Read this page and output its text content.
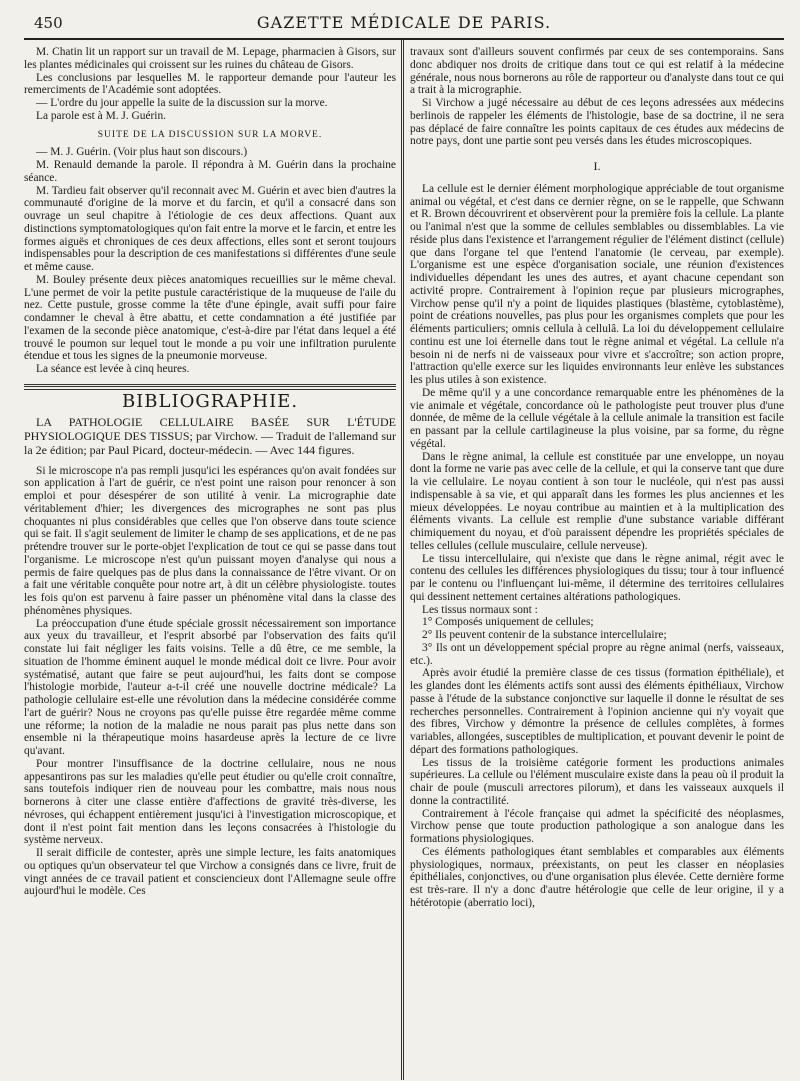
450	GAZETTE MÉDICALE DE PARIS.

M. Chatin lit un rapport sur un travail de M. Lepage, pharmacien à Gisors, sur les plantes médicinales qui croissent sur les ruines du château de Gisors.

Les conclusions par lesquelles M. le rapporteur demande pour l'auteur les remerciments de l'Académie sont adoptées.

— L'ordre du jour appelle la suite de la discussion sur la morve.

La parole est à M. J. Guérin.

SUITE DE LA DISCUSSION SUR LA MORVE.

— M. J. Guérin. (Voir plus haut son discours.)

M. Renauld demande la parole. Il répondra à M. Guérin dans la prochaine séance.

M. Tardieu fait observer qu'il reconnait avec M. Guérin et avec bien d'autres la communauté d'origine de la morve et du farcin, et qu'il a consacré dans son ouvrage un seul chapitre à l'étiologie de ces deux affections. Quant aux distinctions symptomatologiques qu'on fait entre la morve et le farcin, et entre les formes aiguës et chroniques de ces deux affections, elles sont et seront toujours indispensables pour la description de ces manifestations si différentes d'une seule et même cause.

M. Bouley présente deux pièces anatomiques recueillies sur le même cheval. L'une permet de voir la petite pustule caractéristique de la muqueuse de l'aile du nez. Cette pustule, grosse comme la tête d'une épingle, avait suffi pour faire condamner le cheval à être abattu, et cette condamnation a été justifiée par l'examen de la seconde pièce anatomique, c'est-à-dire par l'état dans lequel a été trouvé le poumon sur lequel tout le monde a pu voir une infiltration purulente étendue et tous les signes de la pneumonie morveuse.

La séance est levée à cinq heures.

BIBLIOGRAPHIE.

LA PATHOLOGIE CELLULAIRE BASÉE SUR L'ÉTUDE PHYSIOLOGIQUE DES TISSUS; par Virchow. — Traduit de l'allemand sur la 2e édition; par Paul Picard, docteur-médecin. — Avec 144 figures.

Si le microscope n'a pas rempli jusqu'ici les espérances qu'on avait fondées sur son application à l'art de guérir, ce n'est point une raison pour renoncer à son emploi et pour désespérer de son utilité à venir. La micrographie date véritablement d'hier; les divergences des micrographes ne sont pas plus choquantes ni plus considérables que celles que l'on observe dans toute science qui se fait. Il s'agit seulement de limiter le champ de ses applications, et de ne pas prétendre trouver sur le porte-objet l'explication de tout ce qui se passe dans tout l'organisme. Le microscope n'est qu'un puissant moyen d'analyse qui nous a permis de faire quelques pas de plus dans la connaissance de l'être vivant. Or on a fait une véritable conquête pour notre art, à dit un célèbre physiologiste. toutes les fois qu'on est parvenu à faire passer un phénomène vital dans la classe des phénomènes physiques.

La préoccupation d'une étude spéciale grossit nécessairement son importance aux yeux du travailleur, et l'esprit absorbé par l'observation des faits qu'il constate lui fait négliger les faits voisins. Telle a dû être, ce me semble, la situation de l'homme éminent auquel le monde médical doit ce livre. Pour avoir systématisé, autant que faire se peut aujourd'hui, les faits dont se compose l'histologie morbide, l'auteur a-t-il créé une nouvelle doctrine médicale? La pathologie cellulaire est-elle une révolution dans la médecine considérée comme l'art de guérir? Nous ne croyons pas qu'elle puisse être regardée même comme une réforme; la notion de la maladie ne nous parait pas plus nette dans son ensemble ni la thérapeutique moins hasardeuse après la lecture de ce livre qu'avant.

Pour montrer l'insuffisance de la doctrine cellulaire, nous ne nous appesantirons pas sur les maladies qu'elle peut étudier ou qu'elle croit connaître, sans toutefois indiquer rien de nouveau pour les combattre, mais nous nous bornerons à citer une classe entière d'affections de gravité très-diverse, les névroses, qui échappent entièrement jusqu'ici à l'investigation microscopique, et dont il n'est point fait mention dans les leçons consacrées à l'histologie du système nerveux.

Il serait difficile de contester, après une simple lecture, les faits anatomiques ou optiques qu'un observateur tel que Virchow a consignés dans ce livre, fruit de vingt années de ce travail patient et consciencieux dont l'Allemagne seule offre aujourd'hui le modèle. Ces

travaux sont d'ailleurs souvent confirmés par ceux de ses contemporains. Sans donc abdiquer nos droits de critique dans tout ce qui est relatif à la médecine générale, nous nous bornerons au rôle de rapporteur ou d'analyste dans tout ce qui a trait à la micrographie.

Si Virchow a jugé nécessaire au début de ces leçons adressées aux médecins berlinois de rappeler les éléments de l'histologie, base de sa doctrine, il ne sera pas déplacé de faire connaître les points capitaux de ces études aux médecins de notre pays, dont une partie sont peu versés dans les études microscopiques.

I.

La cellule est le dernier élément morphologique appréciable de tout organisme animal ou végétal, et c'est dans ce dernier règne, on se le rappelle, que Schwann et R. Brown découvrirent et observèrent pour la première fois la cellule. La plante ou l'animal n'est que la somme de cellules semblables ou dissemblables. La vie réside plus dans l'existence et l'arrangement régulier de l'élément distinct (cellule) que dans l'organe tel que l'entend l'anatomie (le cerveau, par exemple). L'organisme est une espèce d'organisation sociale, une réunion d'existences individuelles dépendant les unes des autres, et ayant chacune cependant son activité propre. Contrairement à l'opinion reçue par plusieurs micrographes, Virchow pense qu'il n'y a point de liquides plastiques (blastème, cytoblastème), point de créations nouvelles, pas plus pour les organismes complets que pour les éléments particuliers; omnis cellula à cellulâ. La loi du développement cellulaire continu est une loi éternelle dans tout le règne animal et végétal. La cellule n'a besoin ni de nerfs ni de vaisseaux pour vivre et s'accroître; son action propre, l'attraction qu'elle exerce sur les liquides environnants leur enlève les substances les plus utiles à son existence.

De même qu'il y a une concordance remarquable entre les phénomènes de la vie animale et végétale, concordance où le pathologiste peut trouver plus d'une donnée, de même de la cellule végétale à la cellule animale la transition est facile en passant par la cellule cartilagineuse la plus voisine, par sa forme, du règne végétal.

Dans le règne animal, la cellule est constituée par une enveloppe, un noyau dont la forme ne varie pas avec celle de la cellule, et qui la conserve tant que dure la vie cellulaire. Le noyau contient à son tour le nucléole, qui n'est pas aussi indispensable à sa vie, et qui apparaît dans les formes les plus anciennes et les mieux développées. Le noyau contribue au maintien et à la multiplication des éléments vivants. La cellule est remplie d'une substance variable différant chimiquement du noyau, et d'où paraissent dépendre les propriétés spéciales de telles cellules (cellule musculaire, cellule nerveuse).

Le tissu intercellulaire, qui n'existe que dans le règne animal, régit avec le contenu des cellules les différences physiologiques du tissu; tour à tour influencé par le contenu ou l'influençant lui-même, il détermine des territoires cellulaires qui dessinent nettement certaines altérations pathologiques.

Les tissus normaux sont :

1° Composés uniquement de cellules;

2° Ils peuvent contenir de la substance intercellulaire;

3° Ils ont un développement spécial propre au règne animal (nerfs, vaisseaux, etc.).

Après avoir étudié la première classe de ces tissus (formation épithéliale), et les glandes dont les éléments actifs sont aussi des éléments épithéliaux, Virchow passe à l'étude de la substance conjonctive sur laquelle il donne le résultat de ses recherches personnelles. Contrairement à l'opinion ancienne qui n'y voyait que des fibres, Virchow y démontre la présence de cellules complètes, à formes variables, allongées, susceptibles de multiplication, et pouvant devenir le point de départ des formations pathologiques.

Les tissus de la troisième catégorie forment les productions animales supérieures. La cellule ou l'élément musculaire existe dans la peau où il produit la chair de poule (musculi arrectores pilorum), et dans les vaisseaux auxquels il donne la contractilité.

Contrairement à l'école française qui admet la spécificité des néoplasmes, Virchow pense que toute production pathologique a son analogue dans les formations physiologiques.

Ces éléments pathologiques étant semblables et comparables aux éléments physiologiques, normaux, préexistants, on peut les classer en néoplasies épithéliales, conjonctives, ou d'une organisation plus élevée. Cette dernière forme est très-rare. Il n'y a donc d'autre hétérologie que celle de leur origine, il y a hétérotopie (aberratio loci),
